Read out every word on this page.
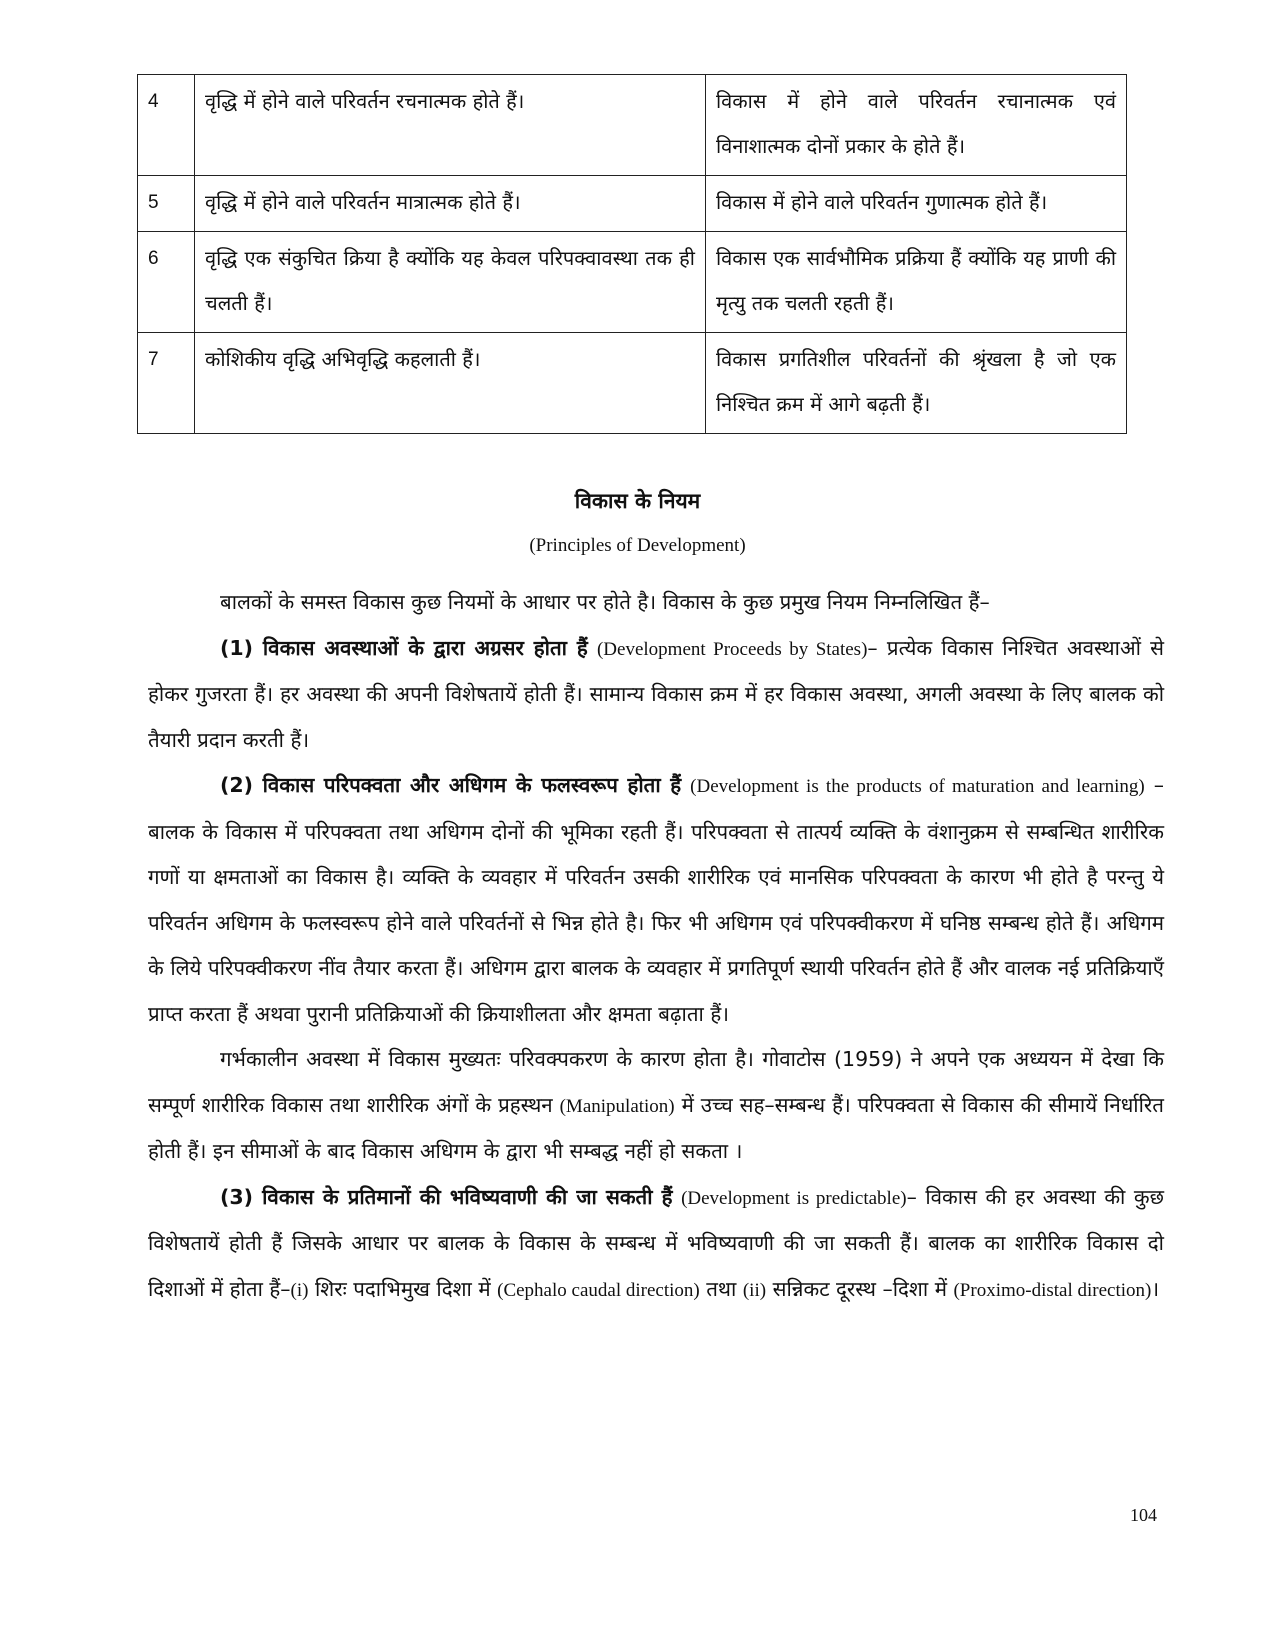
4	वृद्धि में होने वाले परिवर्तन रचनात्मक होते हैं।	विकास में होने वाले परिवर्तन रचानात्मक एवं विनाशात्मक दोनों प्रकार के होते हैं।
5	वृद्धि में होने वाले परिवर्तन मात्रात्मक होते हैं।	विकास में होने वाले परिवर्तन गुणात्मक होते हैं।
6	वृद्धि एक संकुचित क्रिया है क्योंकि यह केवल परिपक्वावस्था तक ही चलती हैं।	विकास एक सार्वभौमिक प्रक्रिया हैं क्योंकि यह प्राणी की मृत्यु तक चलती रहती हैं।
7	कोशिकीय वृद्धि अभिवृद्धि कहलाती हैं।	विकास प्रगतिशील परिवर्तनों की श्रृंखला है जो एक निश्चित क्रम में आगे बढ़ती हैं।
विकास के नियम
(Principles of Development)

बालकों के समस्त विकास कुछ नियमों के आधार पर होते है। विकास के कुछ प्रमुख नियम निम्नलिखित हैं–

(1) विकास अवस्थाओं के द्वारा अग्रसर होता हैं (Development Proceeds by States)– प्रत्येक विकास निश्चित अवस्थाओं से होकर गुजरता हैं। हर अवस्था की अपनी विशेषतायें होती हैं। सामान्य विकास क्रम में हर विकास अवस्था, अगली अवस्था के लिए बालक को तैयारी प्रदान करती हैं।

(2) विकास परिपक्वता और अधिगम के फलस्वरूप होता हैं (Development is the products of maturation and learning) – बालक के विकास में परिपक्वता तथा अधिगम दोनों की भूमिका रहती हैं। परिपक्वता से तात्पर्य व्यक्ति के वंशानुक्रम से सम्बन्धित शारीरिक गणों या क्षमताओं का विकास है। व्यक्ति के व्यवहार में परिवर्तन उसकी शारीरिक एवं मानसिक परिपक्वता के कारण भी होते है परन्तु ये परिवर्तन अधिगम के फलस्वरूप होने वाले परिवर्तनों से भिन्न होते है। फिर भी अधिगम एवं परिपक्वीकरण में घनिष्ठ सम्बन्ध होते हैं। अधिगम के लिये परिपक्वीकरण नींव तैयार करता हैं। अधिगम द्वारा बालक के व्यवहार में प्रगतिपूर्ण स्थायी परिवर्तन होते हैं और वालक नई प्रतिक्रियाएँ प्राप्त करता हैं अथवा पुरानी प्रतिक्रियाओं की क्रियाशीलता और क्षमता बढ़ाता हैं।

गर्भकालीन अवस्था में विकास मुख्यतः परिवक्पकरण के कारण होता है। गोवाटोस (1959) ने अपने एक अध्ययन में देखा कि सम्पूर्ण शारीरिक विकास तथा शारीरिक अंगों के प्रहस्थन (Manipulation) में उच्च सह–सम्बन्ध हैं। परिपक्वता से विकास की सीमायें निर्धारित होती हैं। इन सीमाओं के बाद विकास अधिगम के द्वारा भी सम्बद्ध नहीं हो सकता ।

(3) विकास के प्रतिमानों की भविष्यवाणी की जा सकती हैं (Development is predictable)– विकास की हर अवस्था की कुछ विशेषतायें होती हैं जिसके आधार पर बालक के विकास के सम्बन्ध में भविष्यवाणी की जा सकती हैं। बालक का शारीरिक विकास दो दिशाओं में होता हैं–(i) शिरः पदाभिमुख दिशा में (Cephalo caudal direction) तथा (ii) सन्निकट दूरस्थ –दिशा में (Proximo-distal direction)।

104
